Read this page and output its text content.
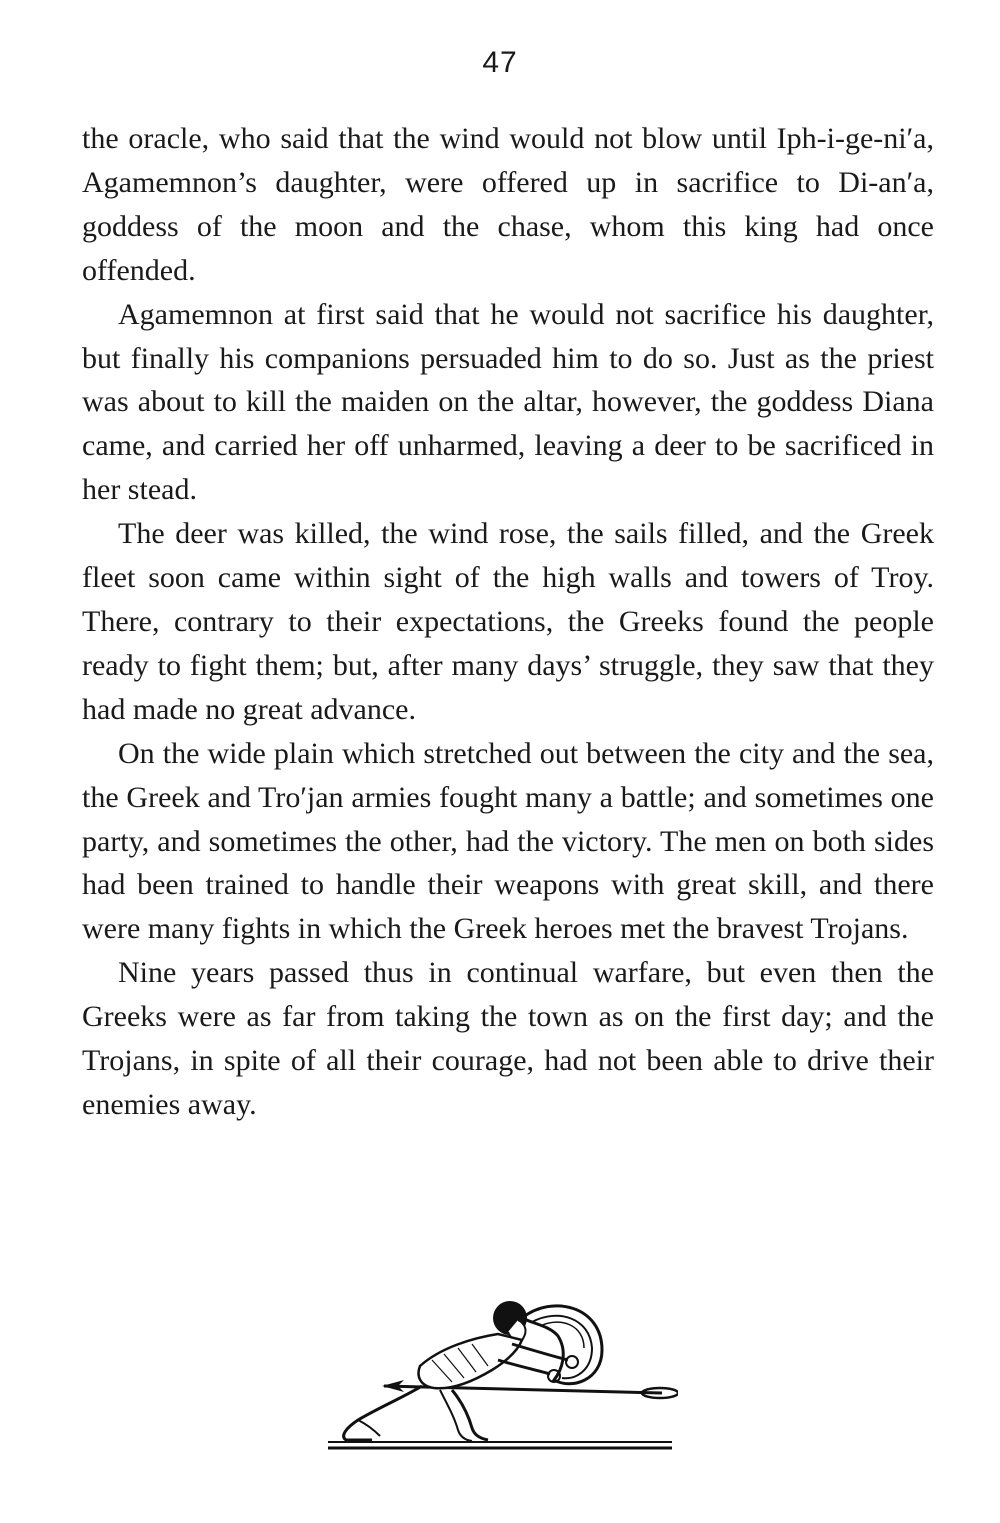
47

the oracle, who said that the wind would not blow until Iph-i-ge-ni′a, Agamemnon’s daughter, were offered up in sacrifice to Di-an′a, goddess of the moon and the chase, whom this king had once offended.

Agamemnon at first said that he would not sacrifice his daughter, but finally his companions persuaded him to do so. Just as the priest was about to kill the maiden on the altar, however, the goddess Diana came, and carried her off unharmed, leaving a deer to be sacrificed in her stead.

The deer was killed, the wind rose, the sails filled, and the Greek fleet soon came within sight of the high walls and towers of Troy. There, contrary to their expectations, the Greeks found the people ready to fight them; but, after many days’ struggle, they saw that they had made no great advance.

On the wide plain which stretched out between the city and the sea, the Greek and Tro′jan armies fought many a battle; and sometimes one party, and sometimes the other, had the victory. The men on both sides had been trained to handle their weapons with great skill, and there were many fights in which the Greek heroes met the bravest Trojans.

Nine years passed thus in continual warfare, but even then the Greeks were as far from taking the town as on the first day; and the Trojans, in spite of all their courage, had not been able to drive their enemies away.
